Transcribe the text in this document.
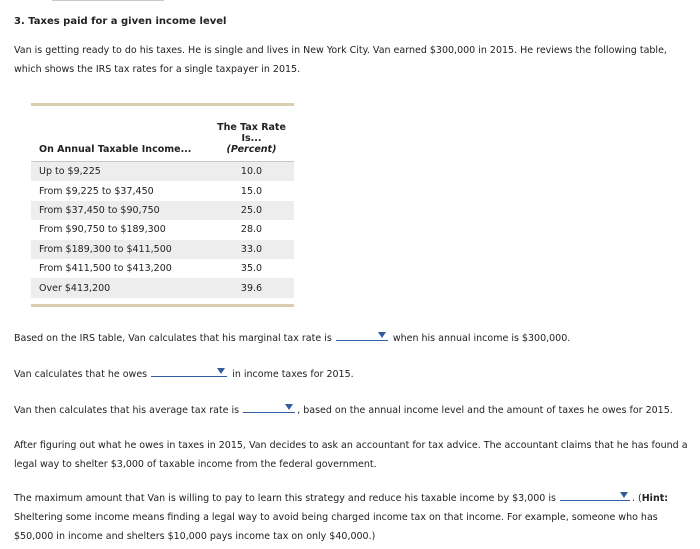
3. Taxes paid for a given income level

Van is getting ready to do his taxes. He is single and lives in New York City. Van earned $300,000 in 2015. He reviews the following table, which shows the IRS tax rates for a single taxpayer in 2015.

	The Tax Rate Is...
On Annual Taxable Income...	(Percent)

Up to $9,225	10.0
From $9,225 to $37,450	15.0
From $37,450 to $90,750	25.0
From $90,750 to $189,300	28.0
From $189,300 to $411,500	33.0
From $411,500 to $413,200	35.0
Over $413,200	39.6

Based on the IRS table, Van calculates that his marginal tax rate is	when his annual income is $300,000.

Van calculates that he owes	in income taxes for 2015.

Van then calculates that his average tax rate is	, based on the annual income level and the amount of taxes he owes for 2015.

After figuring out what he owes in taxes in 2015, Van decides to ask an accountant for tax advice. The accountant claims that he has found a legal way to shelter $3,000 of taxable income from the federal government.

The maximum amount that Van is willing to pay to learn this strategy and reduce his taxable income by $3,000 is	. (Hint: Sheltering some income means finding a legal way to avoid being charged income tax on that income. For example, someone who has $50,000 in income and shelters $10,000 pays income tax on only $40,000.)
